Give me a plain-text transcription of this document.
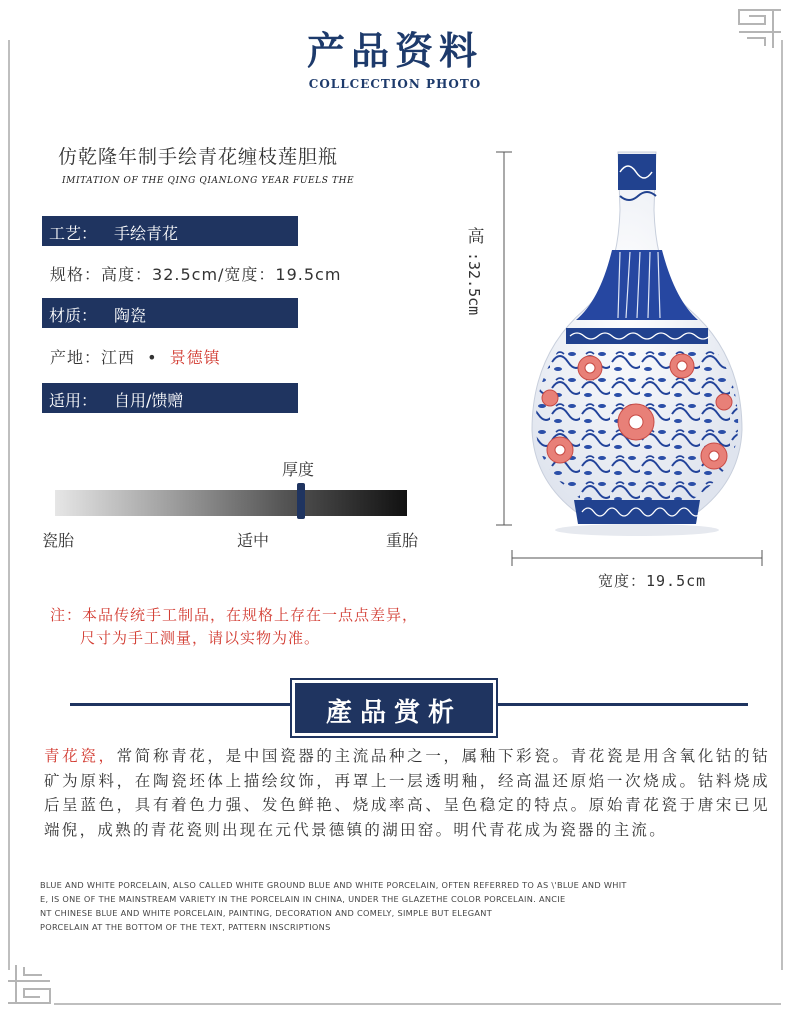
产品资料
COLLCECTION PHOTO
仿乾隆年制手绘青花缠枝莲胆瓶
IMITATION OF THE QING QIANLONG YEAR FUELS THE
工艺： 手绘青花
规格：高度：32.5cm/宽度：19.5cm
材质： 陶瓷
产地：江西 • 景德镇
适用： 自用/馈赠
厚度
瓷胎	适中	重胎
注：本品传统手工制品，在规格上存在一点点差异，
尺寸为手工测量，请以实物为准。
高
:32.5cm
宽度：19.5cm
產品赏析
青花瓷，常简称青花，是中国瓷器的主流品种之一，属釉下彩瓷。青花瓷是用含氧化钴的钴矿为原料，在陶瓷坯体上描绘纹饰，再罩上一层透明釉，经高温还原焰一次烧成。钴料烧成后呈蓝色，具有着色力强、发色鲜艳、烧成率高、呈色稳定的特点。原始青花瓷于唐宋已见端倪，成熟的青花瓷则出现在元代景德镇的湖田窑。明代青花成为瓷器的主流。
BLUE AND WHITE PORCELAIN, ALSO CALLED WHITE GROUND BLUE AND WHITE PORCELAIN, OFTEN REFERRED TO AS \'BLUE AND WHIT
E, IS ONE OF THE MAINSTREAM VARIETY IN THE PORCELAIN IN CHINA, UNDER THE GLAZETHE COLOR PORCELAIN. ANCIE
NT CHINESE BLUE AND WHITE PORCELAIN, PAINTING, DECORATION AND COMELY, SIMPLE BUT ELEGANT
PORCELAIN AT THE BOTTOM OF THE TEXT, PATTERN INSCRIPTIONS
